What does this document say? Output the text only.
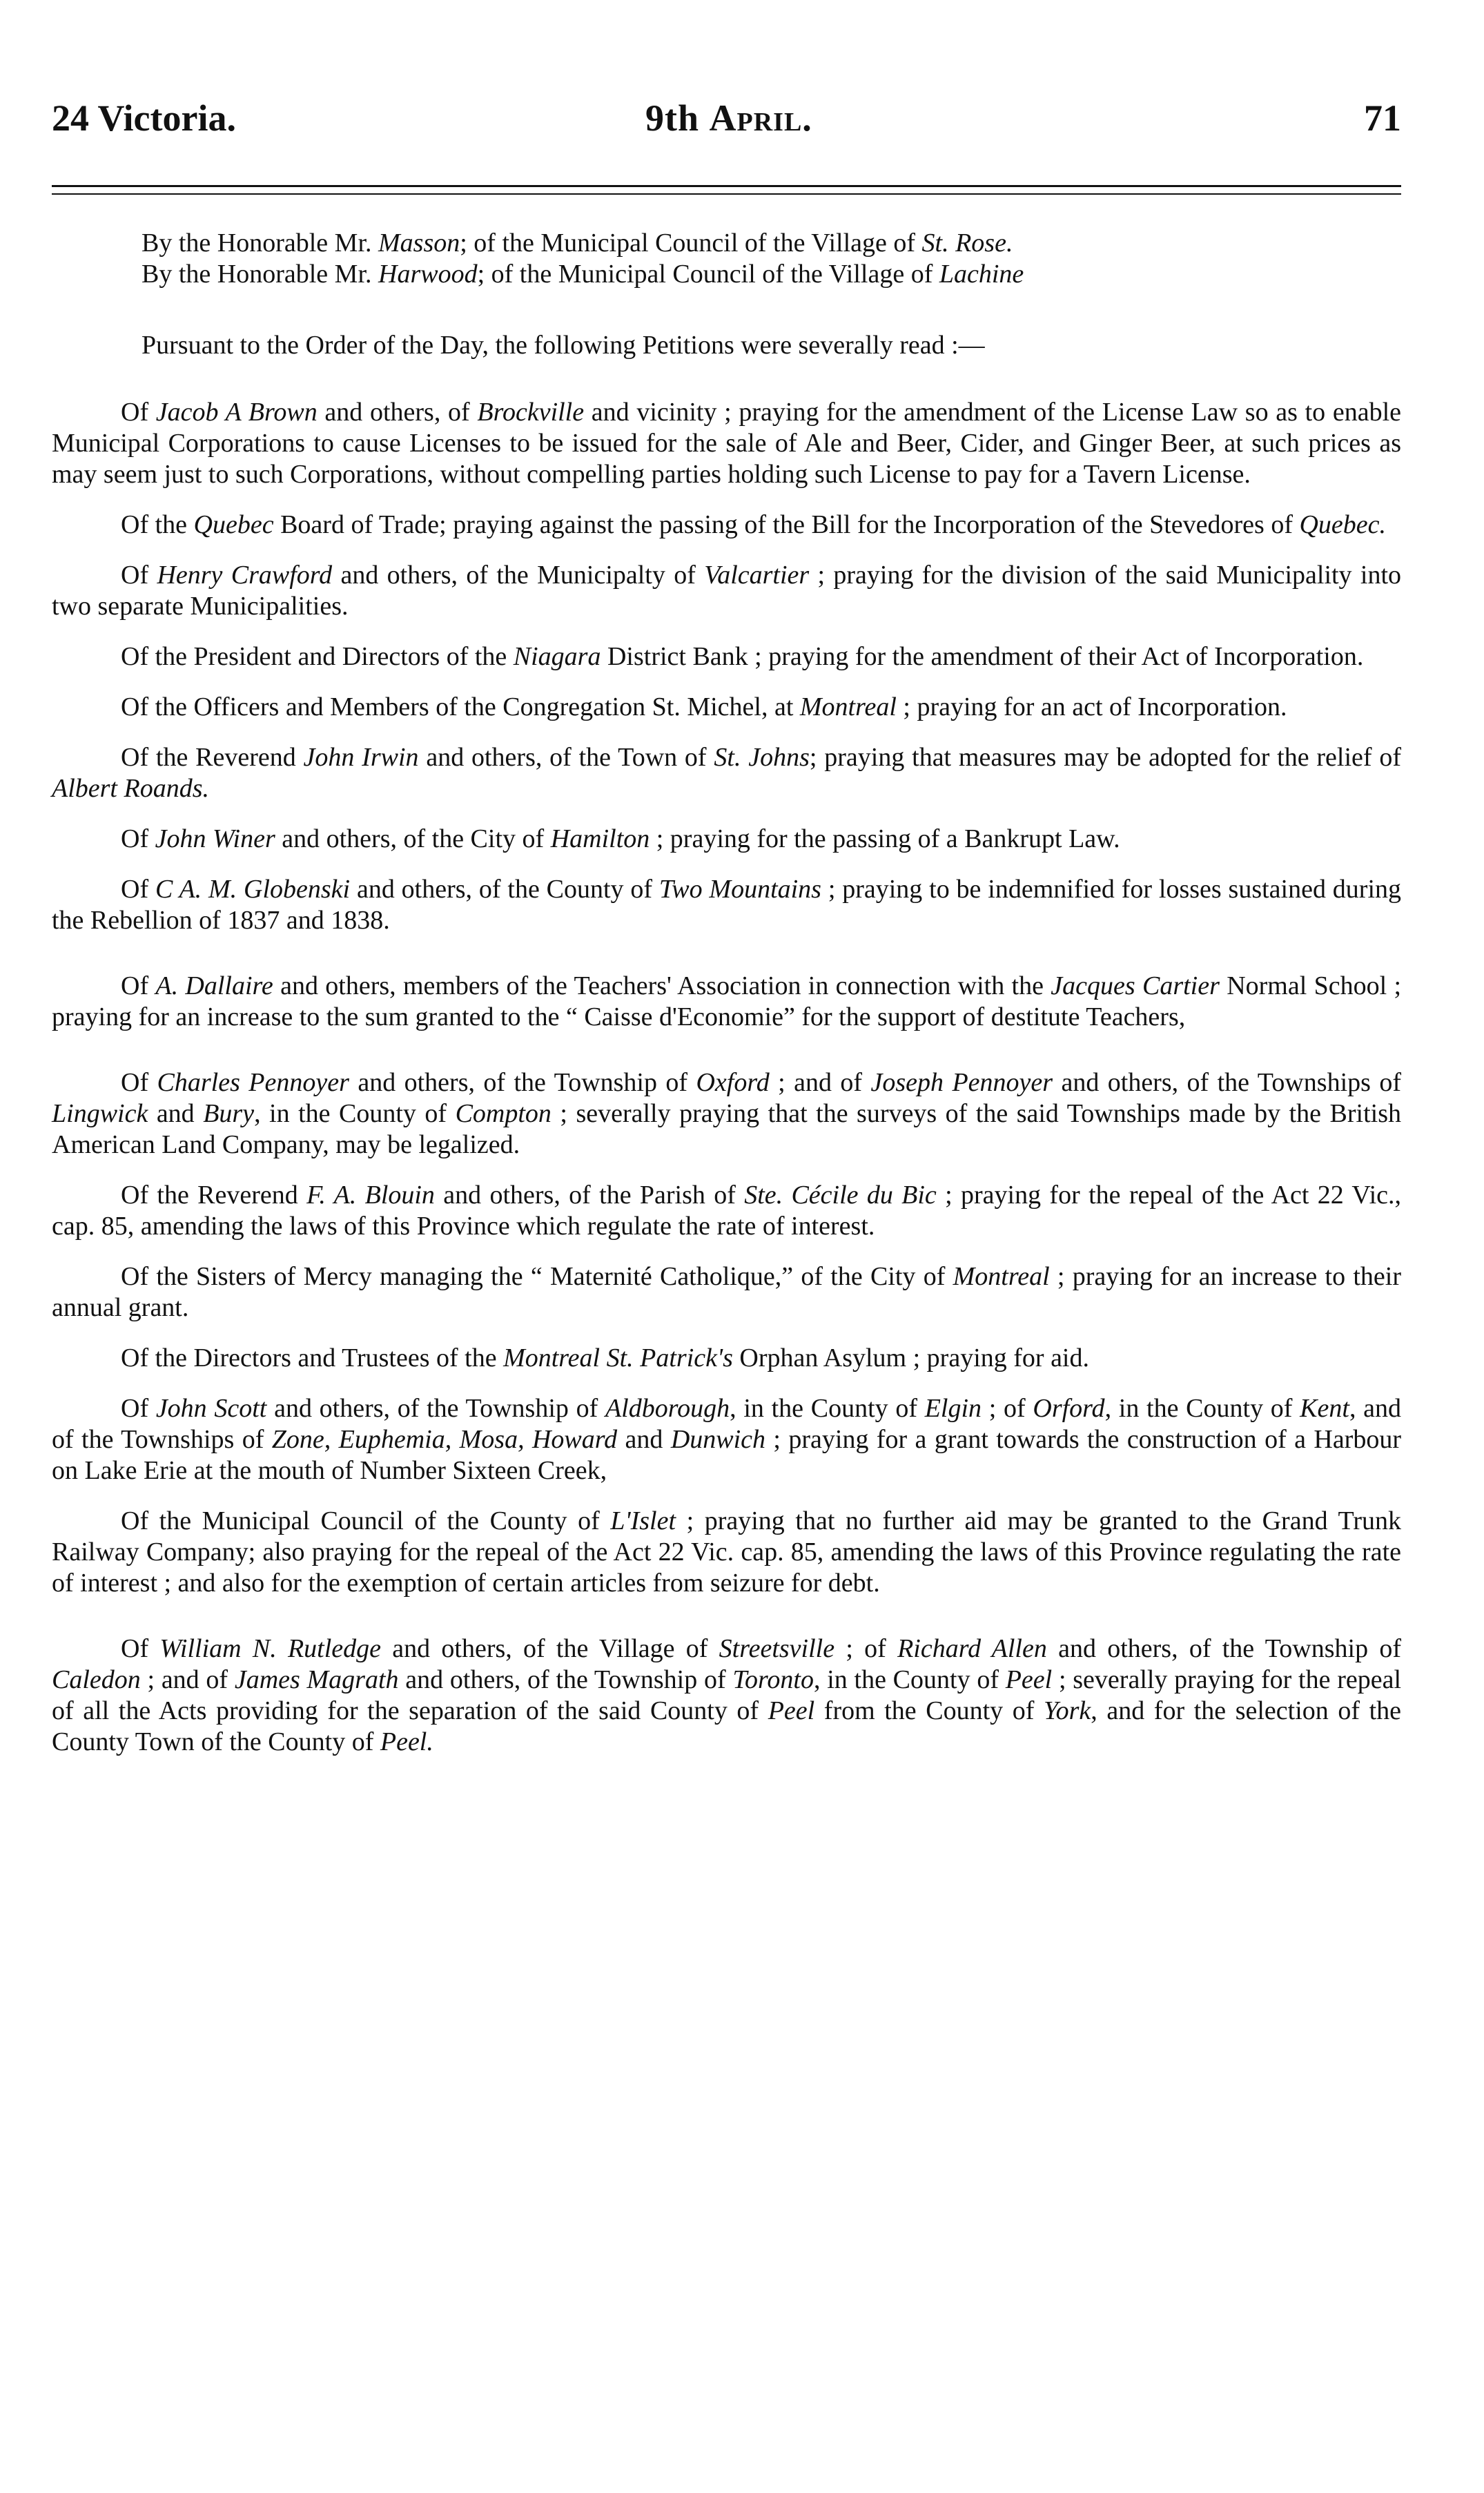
24 Victoria.	9th April.	71

By the Honorable Mr. Masson; of the Municipal Council of the Village of St. Rose.

By the Honorable Mr. Harwood; of the Municipal Council of the Village of Lachine

Pursuant to the Order of the Day, the following Petitions were severally read :—

Of Jacob A Brown and others, of Brockville and vicinity ; praying for the amendment of the License Law so as to enable Municipal Corporations to cause Licenses to be issued for the sale of Ale and Beer, Cider, and Ginger Beer, at such prices as may seem just to such Corporations, without compelling parties holding such License to pay for a Tavern License.

Of the Quebec Board of Trade; praying against the passing of the Bill for the Incorporation of the Stevedores of Quebec.

Of Henry Crawford and others, of the Municipalty of Valcartier ; praying for the division of the said Municipality into two separate Municipalities.

Of the President and Directors of the Niagara District Bank ; praying for the amendment of their Act of Incorporation.

Of the Officers and Members of the Congregation St. Michel, at Montreal ; praying for an act of Incorporation.

Of the Reverend John Irwin and others, of the Town of St. Johns; praying that measures may be adopted for the relief of Albert Roands.

Of John Winer and others, of the City of Hamilton ; praying for the passing of a Bankrupt Law.

Of C A. M. Globenski and others, of the County of Two Mountains ; praying to be indemnified for losses sustained during the Rebellion of 1837 and 1838.

Of A. Dallaire and others, members of the Teachers' Association in connection with the Jacques Cartier Normal School ; praying for an increase to the sum granted to the “ Caisse d'Economie” for the support of destitute Teachers,

Of Charles Pennoyer and others, of the Township of Oxford ; and of Joseph Pennoyer and others, of the Townships of Lingwick and Bury, in the County of Compton ; severally praying that the surveys of the said Townships made by the British American Land Company, may be legalized.

Of the Reverend F. A. Blouin and others, of the Parish of Ste. Cécile du Bic ; praying for the repeal of the Act 22 Vic., cap. 85, amending the laws of this Province which regulate the rate of interest.

Of the Sisters of Mercy managing the “ Maternité Catholique,” of the City of Montreal ; praying for an increase to their annual grant.

Of the Directors and Trustees of the Montreal St. Patrick's Orphan Asylum ; praying for aid.

Of John Scott and others, of the Township of Aldborough, in the County of Elgin ; of Orford, in the County of Kent, and of the Townships of Zone, Euphemia, Mosa, Howard and Dunwich ; praying for a grant towards the construction of a Harbour on Lake Erie at the mouth of Number Sixteen Creek,

Of the Municipal Council of the County of L'Islet ; praying that no further aid may be granted to the Grand Trunk Railway Company; also praying for the repeal of the Act 22 Vic. cap. 85, amending the laws of this Province regulating the rate of interest ; and also for the exemption of certain articles from seizure for debt.

Of William N. Rutledge and others, of the Village of Streetsville ; of Richard Allen and others, of the Township of Caledon ; and of James Magrath and others, of the Township of Toronto, in the County of Peel ; severally praying for the repeal of all the Acts providing for the separation of the said County of Peel from the County of York, and for the selection of the County Town of the County of Peel.
